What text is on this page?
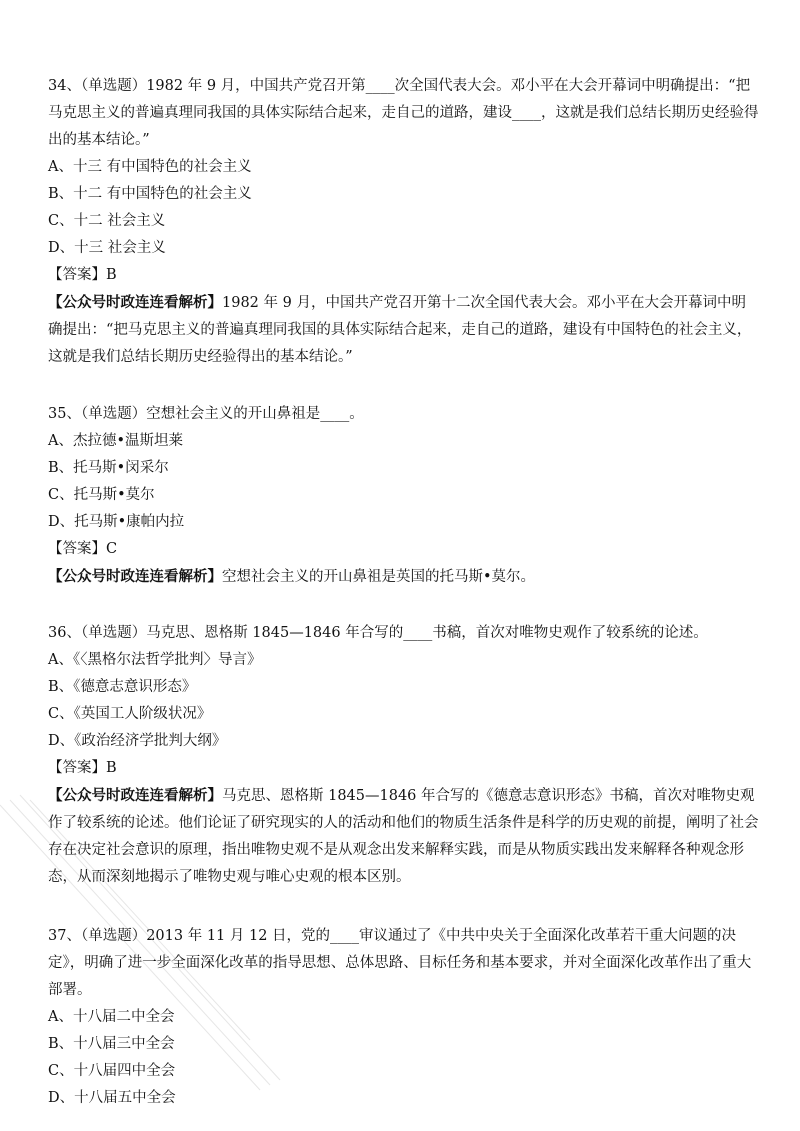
34、（单选题）1982 年 9 月，中国共产党召开第____次全国代表大会。邓小平在大会开幕词中明确提出：“把马克思主义的普遍真理同我国的具体实际结合起来，走自己的道路，建设____，这就是我们总结长期历史经验得出的基本结论。”
A、十三 有中国特色的社会主义
B、十二 有中国特色的社会主义
C、十二 社会主义
D、十三 社会主义
【答案】B
【公众号时政连连看解析】1982 年 9 月，中国共产党召开第十二次全国代表大会。邓小平在大会开幕词中明确提出：“把马克思主义的普遍真理同我国的具体实际结合起来，走自己的道路，建设有中国特色的社会主义，这就是我们总结长期历史经验得出的基本结论。”
35、（单选题）空想社会主义的开山鼻祖是____。
A、杰拉德•温斯坦莱
B、托马斯•闵采尔
C、托马斯•莫尔
D、托马斯•康帕内拉
【答案】C
【公众号时政连连看解析】空想社会主义的开山鼻祖是英国的托马斯•莫尔。
36、（单选题）马克思、恩格斯 1845—1846 年合写的____书稿，首次对唯物史观作了较系统的论述。
A、《〈黑格尔法哲学批判〉导言》
B、《德意志意识形态》
C、《英国工人阶级状况》
D、《政治经济学批判大纲》
【答案】B
【公众号时政连连看解析】马克思、恩格斯 1845—1846 年合写的《德意志意识形态》书稿，首次对唯物史观作了较系统的论述。他们论证了研究现实的人的活动和他们的物质生活条件是科学的历史观的前提，阐明了社会存在决定社会意识的原理，指出唯物史观不是从观念出发来解释实践，而是从物质实践出发来解释各种观念形态，从而深刻地揭示了唯物史观与唯心史观的根本区别。
37、（单选题）2013 年 11 月 12 日，党的____审议通过了《中共中央关于全面深化改革若干重大问题的决定》，明确了进一步全面深化改革的指导思想、总体思路、目标任务和基本要求，并对全面深化改革作出了重大部署。
A、十八届二中全会
B、十八届三中全会
C、十八届四中全会
D、十八届五中全会
